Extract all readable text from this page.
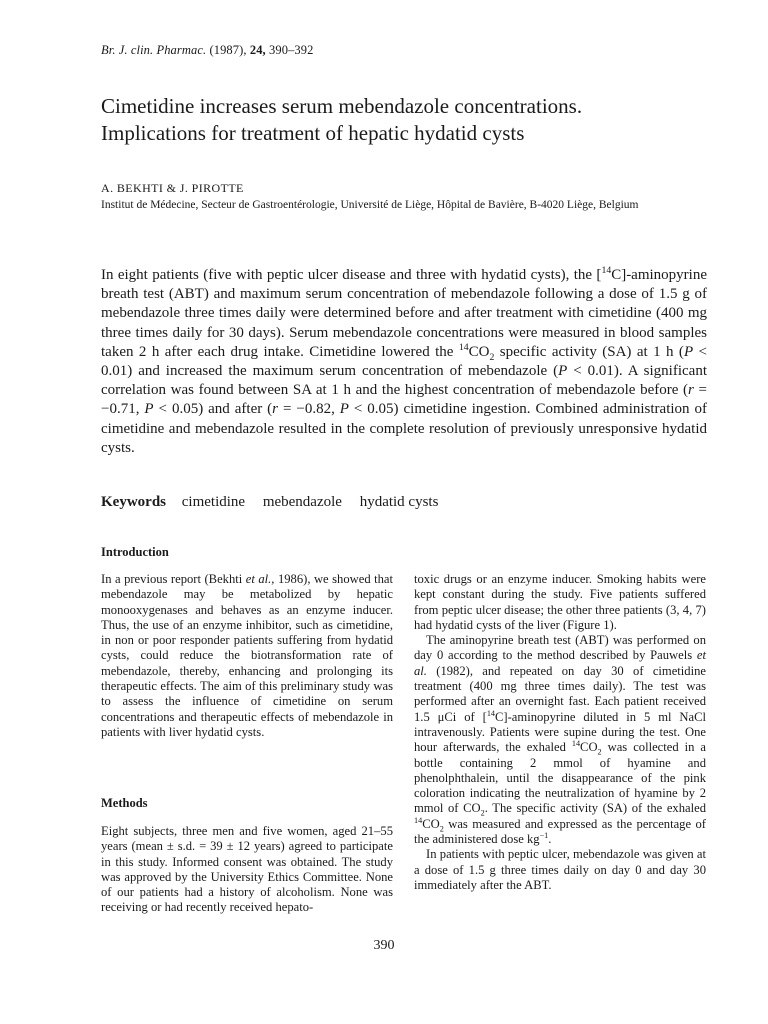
Br. J. clin. Pharmac. (1987), 24, 390–392
Cimetidine increases serum mebendazole concentrations.
Implications for treatment of hepatic hydatid cysts
A. BEKHTI & J. PIROTTE
Institut de Médecine, Secteur de Gastroentérologie, Université de Liège, Hôpital de Bavière, B-4020 Liège, Belgium

In eight patients (five with peptic ulcer disease and three with hydatid cysts), the [$^{14}$C]-aminopyrine breath test (ABT) and maximum serum concentration of mebendazole following a dose of 1.5 g of mebendazole three times daily were determined before and after treatment with cimetidine (400 mg three times daily for 30 days). Serum mebendazole concentrations were measured in blood samples taken 2 h after each drug intake. Cimetidine lowered the $^{14}CO_2$ specific activity (SA) at 1 h (P < 0.01) and increased the maximum serum concentration of mebendazole (P < 0.01). A significant correlation was found between SA at 1 h and the highest concentration of mebendazole before (r = −0.71, P < 0.05) and after (r = −0.82, P < 0.05) cimetidine ingestion. Combined administration of cimetidine and mebendazole resulted in the complete resolution of previously unresponsive hydatid cysts.

Keywords cimetidine mebendazole hydatid cysts
Introduction

In a previous report (Bekhti et al., 1986), we showed that mebendazole may be metabolized by hepatic monooxygenases and behaves as an enzyme inducer. Thus, the use of an enzyme inhibitor, such as cimetidine, in non or poor responder patients suffering from hydatid cysts, could reduce the biotransformation rate of mebendazole, thereby, enhancing and prolonging its therapeutic effects. The aim of this preliminary study was to assess the influence of cimetidine on serum concentrations and therapeutic effects of mebendazole in patients with liver hydatid cysts.

Methods

Eight subjects, three men and five women, aged 21–55 years (mean ± s.d. = 39 ± 12 years) agreed to participate in this study. Informed consent was obtained. The study was approved by the University Ethics Committee. None of our patients had a history of alcoholism. None was receiving or had recently received hepato-

toxic drugs or an enzyme inducer. Smoking habits were kept constant during the study. Five patients suffered from peptic ulcer disease; the other three patients (3, 4, 7) had hydatid cysts of the liver (Figure 1).

The aminopyrine breath test (ABT) was performed on day 0 according to the method described by Pauwels et al. (1982), and repeated on day 30 of cimetidine treatment (400 mg three times daily). The test was performed after an overnight fast. Each patient received 1.5 μCi of [$^{14}$C]-aminopyrine diluted in 5 ml NaCl intravenously. Patients were supine during the test. One hour afterwards, the exhaled $^{14}CO_2$ was collected in a bottle containing 2 mmol of hyamine and phenolphthalein, until the disappearance of the pink coloration indicating the neutralization of hyamine by 2 mmol of $CO_2$. The specific activity (SA) of the exhaled $^{14}CO_2$ was measured and expressed as the percentage of the administered dose $kg^{-1}$.

In patients with peptic ulcer, mebendazole was given at a dose of 1.5 g three times daily on day 0 and day 30 immediately after the ABT.

390
